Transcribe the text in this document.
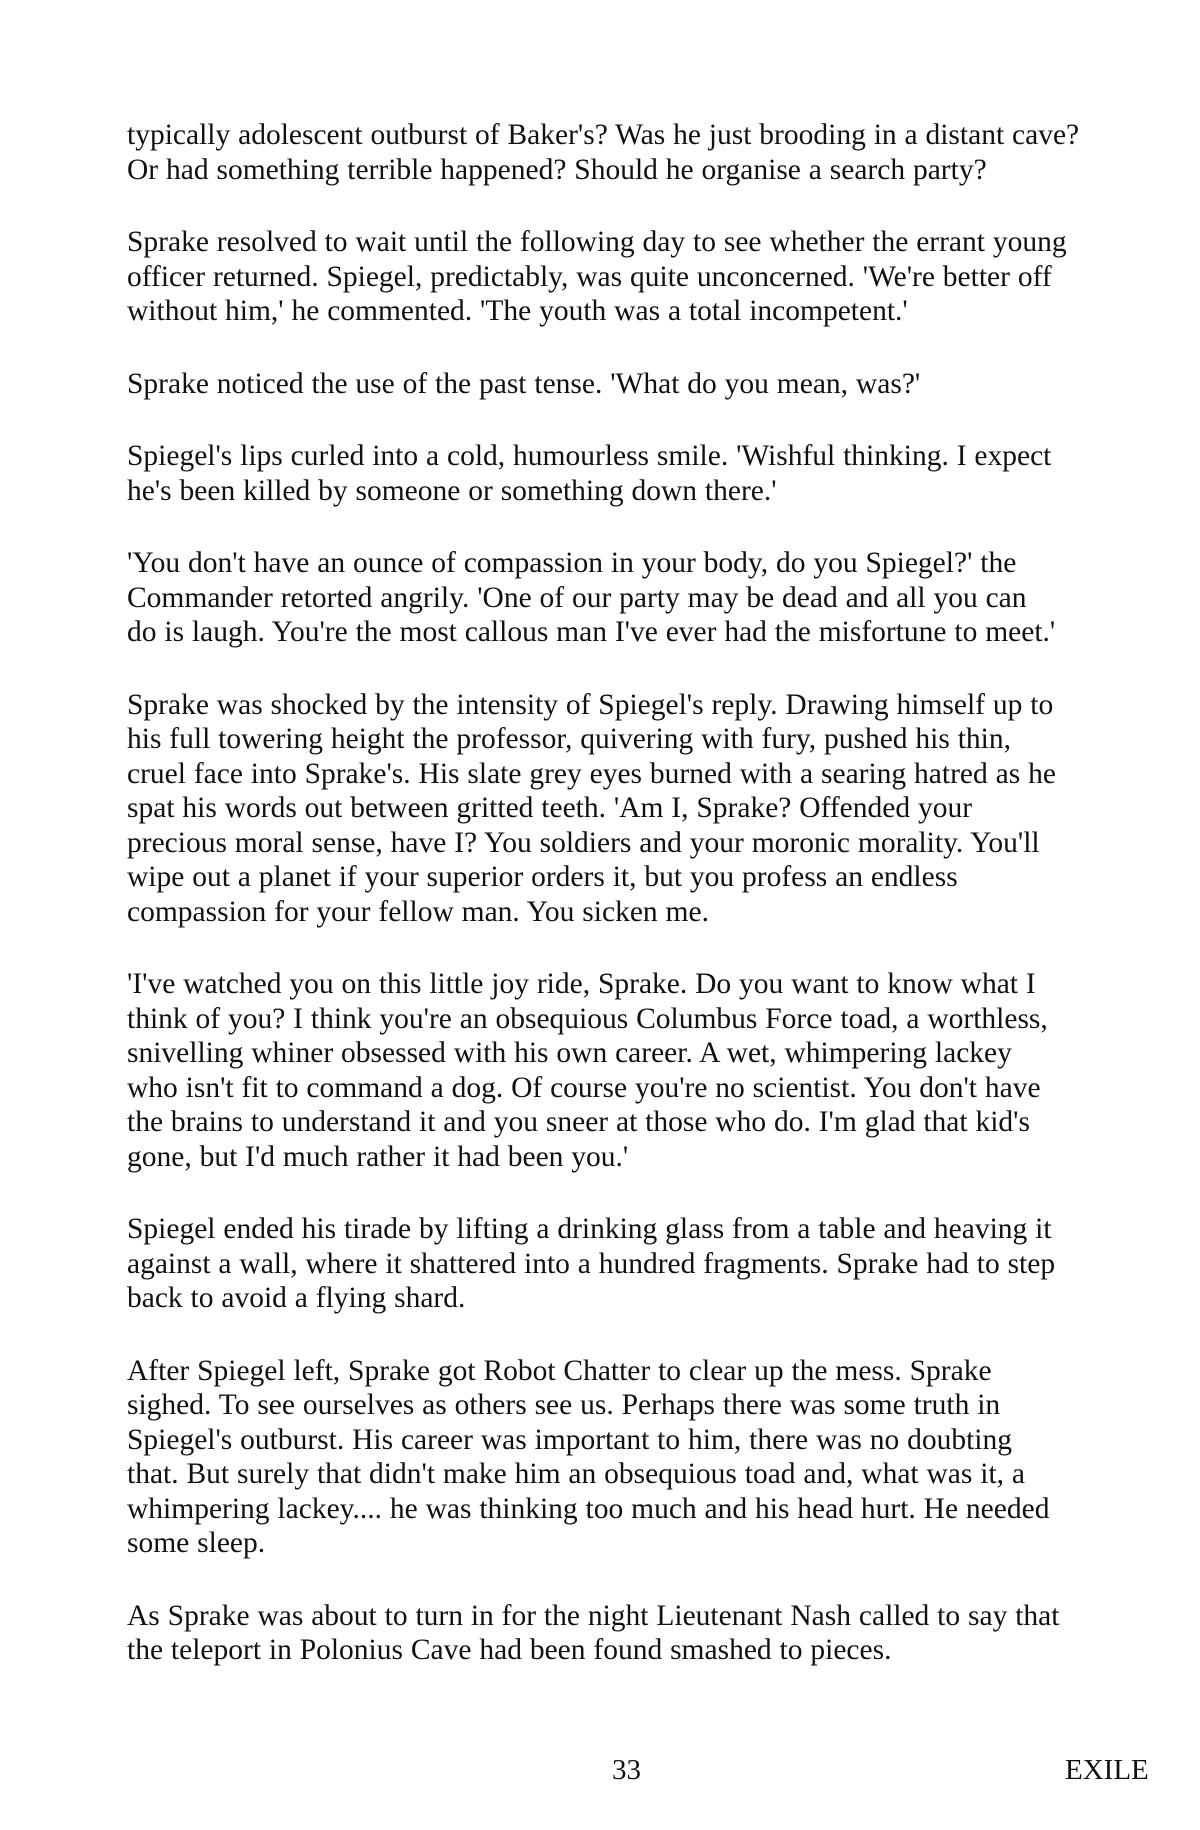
typically adolescent outburst of Baker's? Was he just brooding in a distant cave?
Or had something terrible happened? Should he organise a search party?

Sprake resolved to wait until the following day to see whether the errant young
officer returned. Spiegel, predictably, was quite unconcerned. 'We're better off
without him,' he commented. 'The youth was a total incompetent.'

Sprake noticed the use of the past tense. 'What do you mean, was?'

Spiegel's lips curled into a cold, humourless smile. 'Wishful thinking. I expect
he's been killed by someone or something down there.'

'You don't have an ounce of compassion in your body, do you Spiegel?' the
Commander retorted angrily. 'One of our party may be dead and all you can
do is laugh. You're the most callous man I've ever had the misfortune to meet.'

Sprake was shocked by the intensity of Spiegel's reply. Drawing himself up to
his full towering height the professor, quivering with fury, pushed his thin,
cruel face into Sprake's. His slate grey eyes burned with a searing hatred as he
spat his words out between gritted teeth. 'Am I, Sprake? Offended your
precious moral sense, have I? You soldiers and your moronic morality. You'll
wipe out a planet if your superior orders it, but you profess an endless
compassion for your fellow man. You sicken me.

'I've watched you on this little joy ride, Sprake. Do you want to know what I
think of you? I think you're an obsequious Columbus Force toad, a worthless,
snivelling whiner obsessed with his own career. A wet, whimpering lackey
who isn't fit to command a dog. Of course you're no scientist. You don't have
the brains to understand it and you sneer at those who do. I'm glad that kid's
gone, but I'd much rather it had been you.'

Spiegel ended his tirade by lifting a drinking glass from a table and heaving it
against a wall, where it shattered into a hundred fragments. Sprake had to step
back to avoid a flying shard.

After Spiegel left, Sprake got Robot Chatter to clear up the mess. Sprake
sighed. To see ourselves as others see us. Perhaps there was some truth in
Spiegel's outburst. His career was important to him, there was no doubting
that. But surely that didn't make him an obsequious toad and, what was it, a
whimpering lackey.... he was thinking too much and his head hurt. He needed
some sleep.

As Sprake was about to turn in for the night Lieutenant Nash called to say that
the teleport in Polonius Cave had been found smashed to pieces.

33	EXILE
